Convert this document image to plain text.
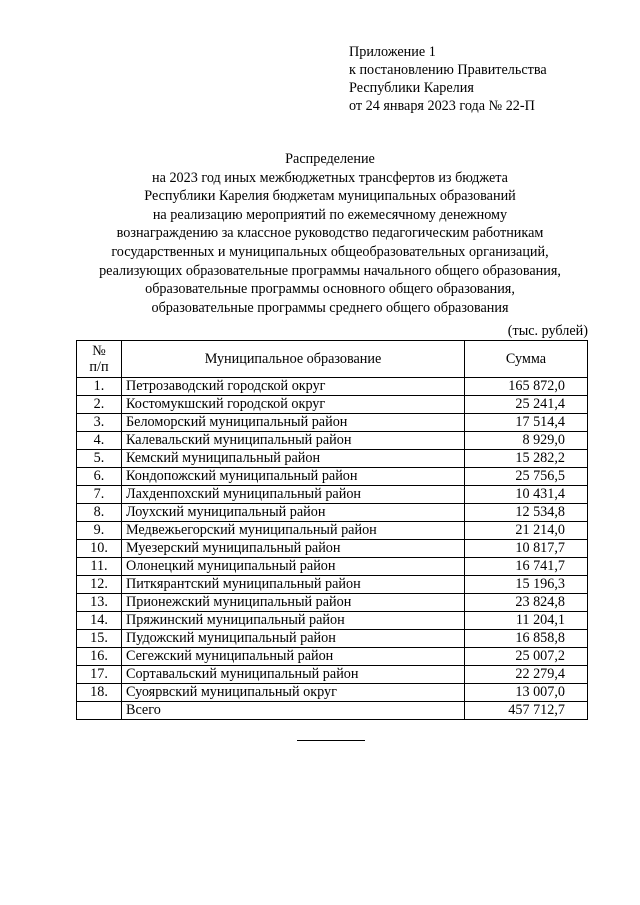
Приложение 1
к постановлению Правительства
Республики Карелия
от 24 января 2023 года № 22-П
Распределение
на 2023 год иных межбюджетных трансфертов из бюджета
Республики Карелия бюджетам муниципальных образований
на реализацию мероприятий по ежемесячному денежному
вознаграждению за классное руководство педагогическим работникам
государственных и муниципальных общеобразовательных организаций,
реализующих образовательные программы начального общего образования,
образовательные программы основного общего образования,
образовательные программы среднего общего образования
(тыс. рублей)
№
п/п	Муниципальное образование	Сумма
1.	Петрозаводский городской округ	165 872,0
2.	Костомукшский городской округ	25 241,4
3.	Беломорский муниципальный район	17 514,4
4.	Калевальский муниципальный район	8 929,0
5.	Кемский муниципальный район	15 282,2
6.	Кондопожский муниципальный район	25 756,5
7.	Лахденпохский муниципальный район	10 431,4
8.	Лоухский муниципальный район	12 534,8
9.	Медвежьегорский муниципальный район	21 214,0
10.	Муезерский муниципальный район	10 817,7
11.	Олонецкий муниципальный район	16 741,7
12.	Питкярантский муниципальный район	15 196,3
13.	Прионежский муниципальный район	23 824,8
14.	Пряжинский муниципальный район	11 204,1
15.	Пудожский муниципальный район	16 858,8
16.	Сегежский муниципальный район	25 007,2
17.	Сортавальский муниципальный район	22 279,4
18.	Суоярвский муниципальный округ	13 007,0
	Всего	457 712,7
